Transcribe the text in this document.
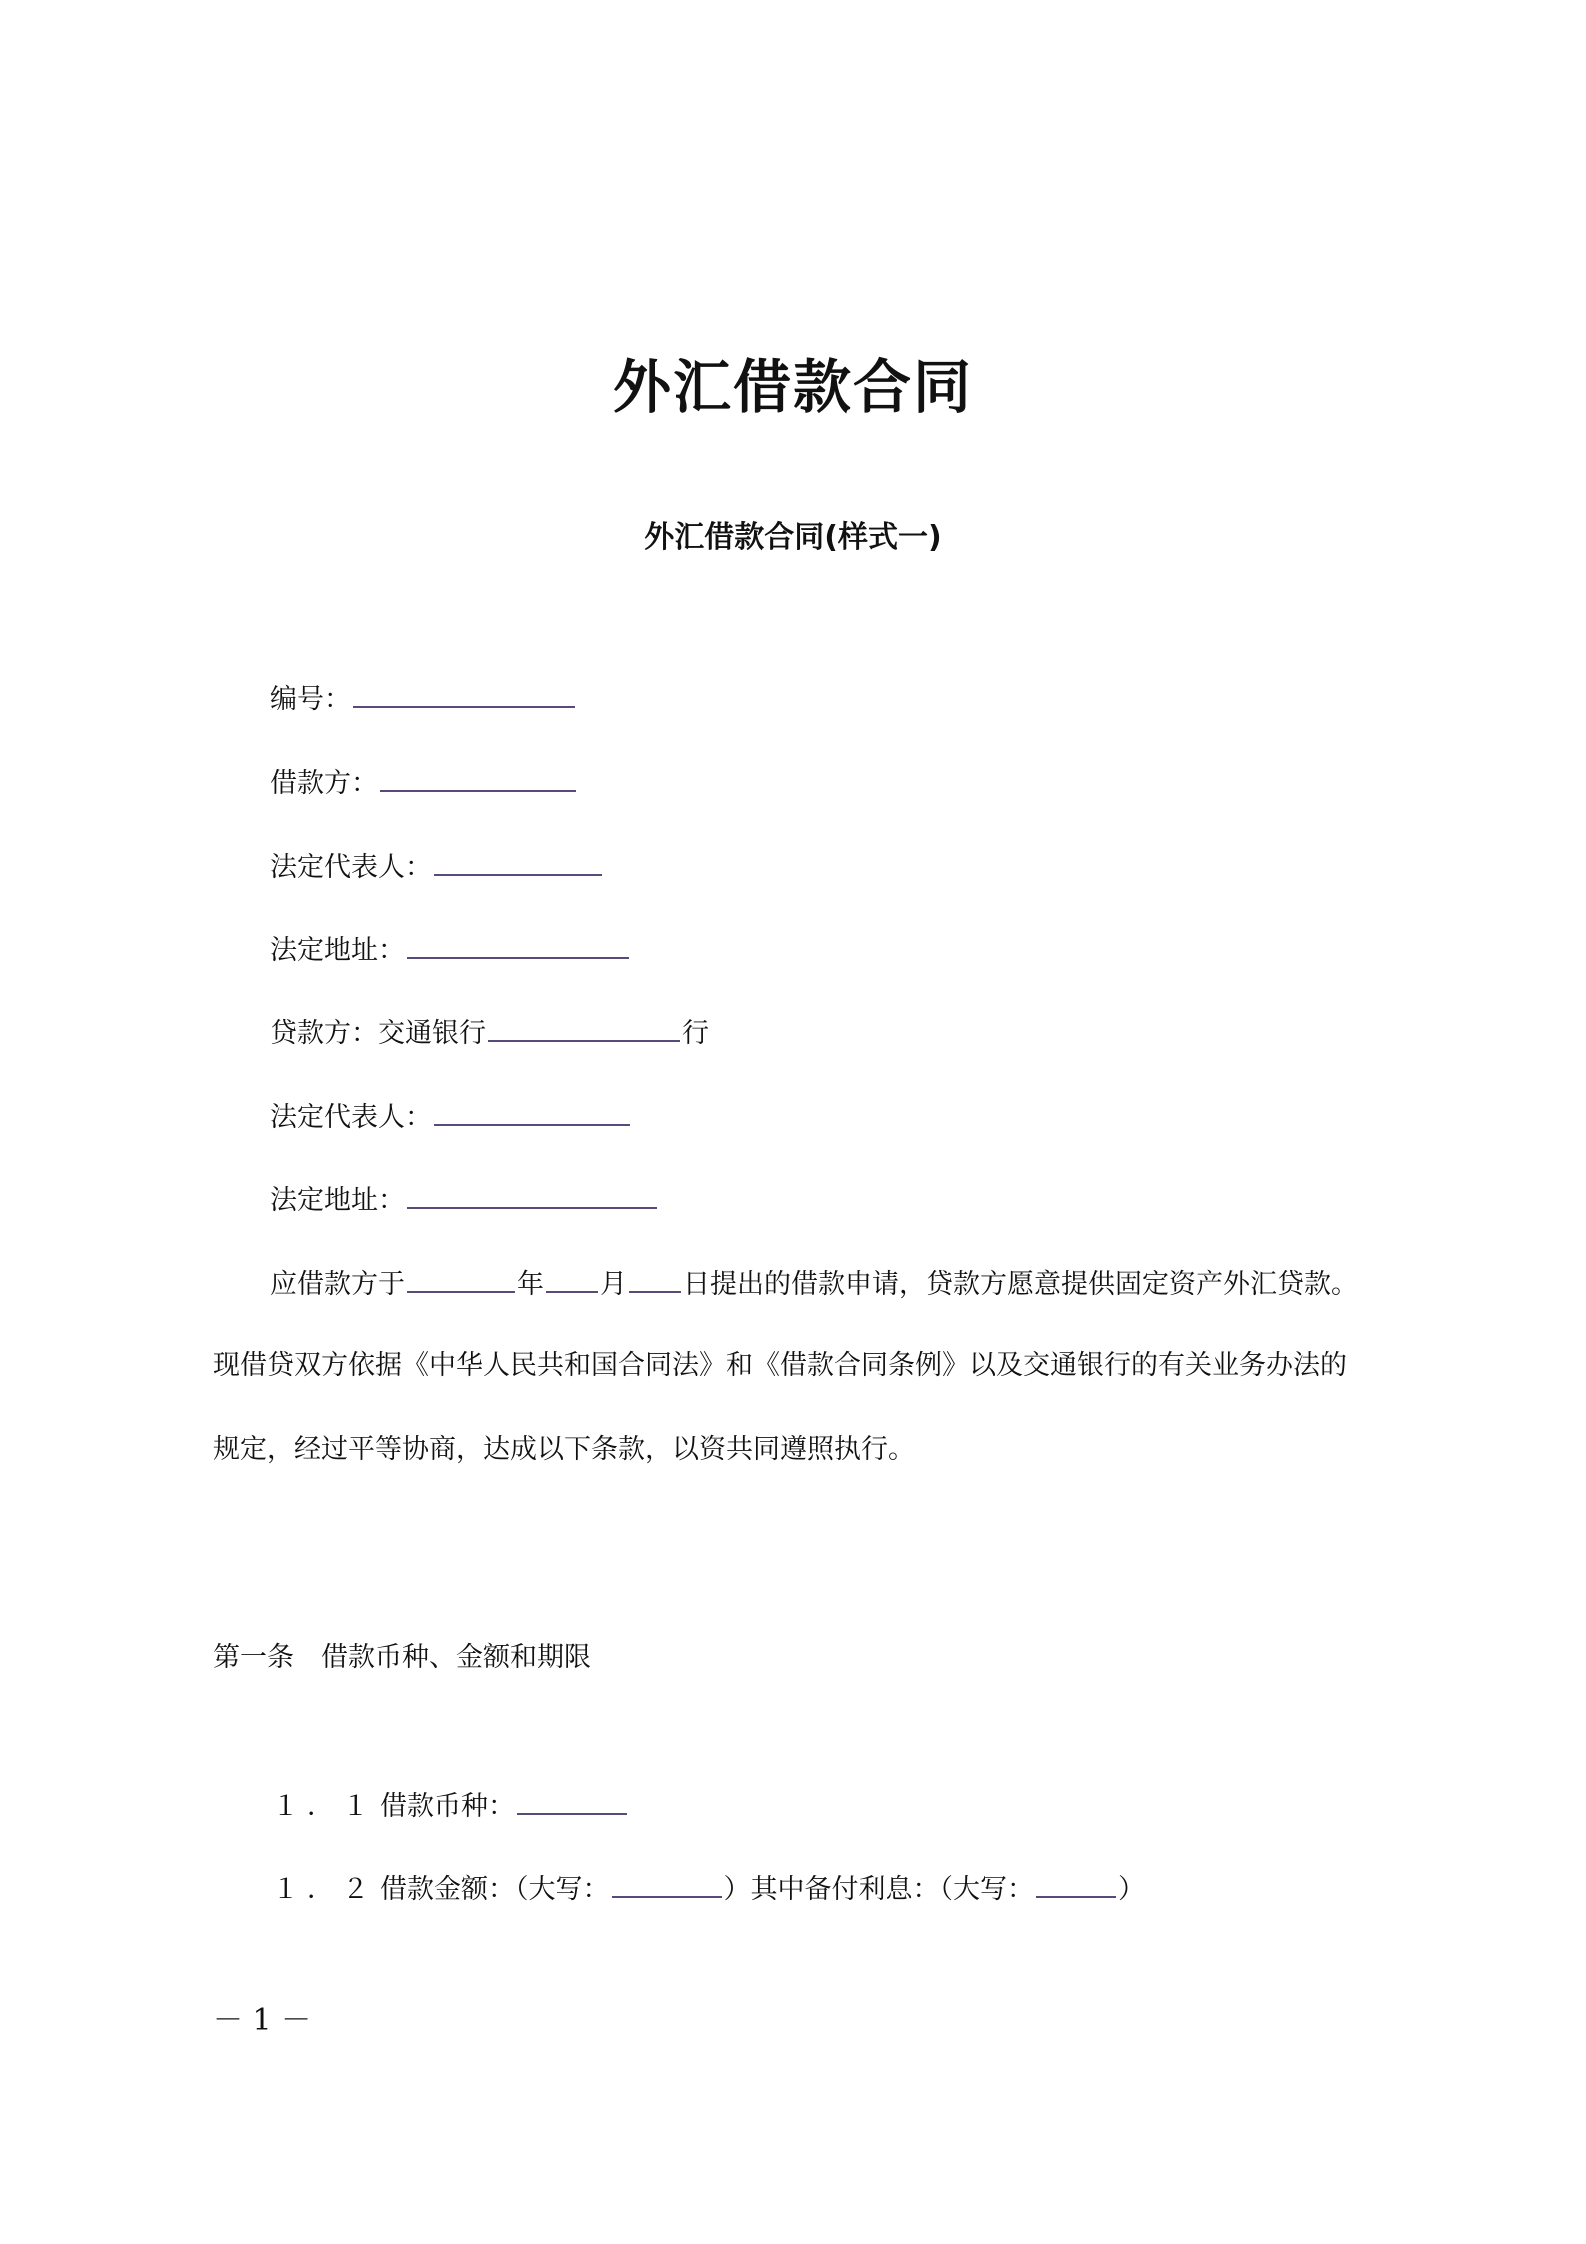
外汇借款合同
外汇借款合同(样式一)
编号：
借款方：
法定代表人：
法定地址：
贷款方：交通银行	行
法定代表人：
法定地址：
应借款方于	年 月 日提出的借款申请，贷款方愿意提供固定资产外汇贷款。
现借贷双方依据《中华人民共和国合同法》和《借款合同条例》以及交通银行的有关业务办法的
规定，经过平等协商，达成以下条款，以资共同遵照执行。
第一条　借款币种、金额和期限
１．１ 借款币种：
１．２ 借款金额：（大写：	）其中备付利息：（大写：	）
－ 1 －
